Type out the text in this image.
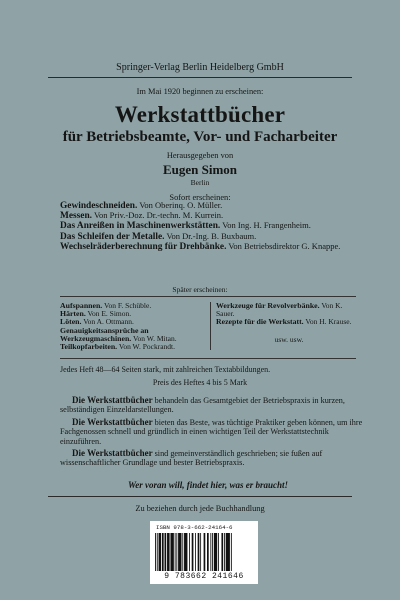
Springer-Verlag Berlin Heidelberg GmbH
Im Mai 1920 beginnen zu erscheinen:
Werkstattbücher
für Betriebsbeamte, Vor- und Facharbeiter
Herausgegeben von
Eugen Simon
Berlin
Sofort erscheinen:
Gewindeschneiden. Von Oberinq. O. Müller.
Messen. Von Priv.-Doz. Dr.-techn. M. Kurrein.
Das Anreißen in Maschinenwerkstätten. Von Ing. H. Frangenheim.
Das Schleifen der Metalle. Von Dr.-Ing. B. Buxbaum.
Wechselräderberechnung für Drehbänke. Von Betriebsdirektor G. Knappe.
Später erscheinen:
Aufspannen. Von F. Schüble.
Härten. Von E. Simon.
Löten. Von A. Ottmann.
Genauigkeitsansprüche an Werkzeugmaschinen. Von W. Mitan.
Teilkopfarbeiten. Von W. Pockrandt.
Werkzeuge für Revolverbänke. Von K. Sauer.
Rezepte für die Werkstatt. Von H. Krause.
usw. usw.
Jedes Heft 48—64 Seiten stark, mit zahlreichen Textabbildungen.
Preis des Heftes 4 bis 5 Mark

Die Werkstattbücher behandeln das Gesamtgebiet der Betriebspraxis in kurzen, selbständigen Einzeldarstellungen.

Die Werkstattbücher bieten das Beste, was tüchtige Praktiker geben können, um ihre Fachgenossen schnell und gründlich in einen wichtigen Teil der Werkstattstechnik einzuführen.

Die Werkstattbücher sind gemeinverständlich geschrieben; sie fußen auf wissenschaftlicher Grundlage und bester Betriebspraxis.

Wer voran will, findet hier, was er braucht!
Zu beziehen durch jede Buchhandlung
ISBN 978-3-662-24164-6
9 783662 241646
